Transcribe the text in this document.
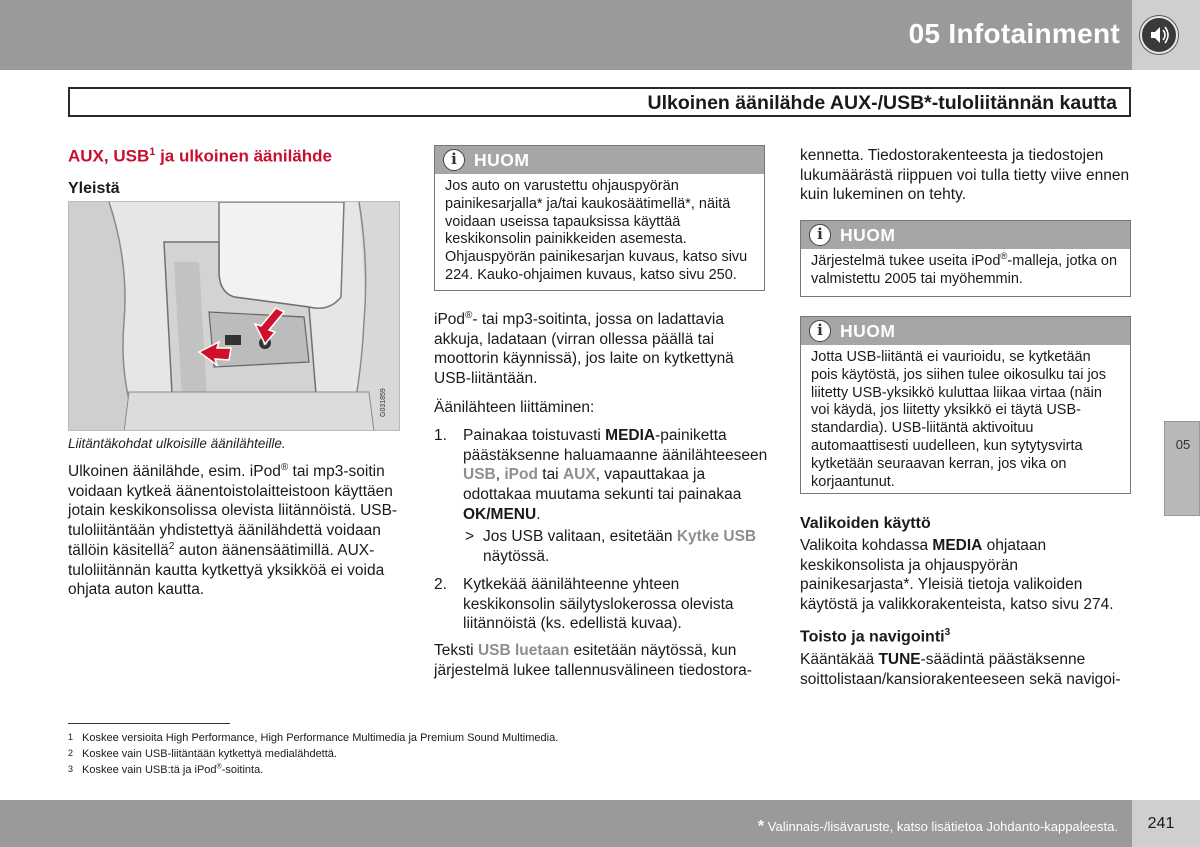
05 Infotainment
Ulkoinen äänilähde AUX-/USB*-tuloliitännän kautta
AUX, USB$^1$ ja ulkoinen äänilähde
Yleistä
G031859
Liitäntäkohdat ulkoisille äänilähteille.
Ulkoinen äänilähde, esim. iPod® tai mp3-soitin voidaan kytkeä äänentoistolaitteistoon käyttäen jotain keskikonsolissa olevista liitännöistä. USB-tuloliitäntään yhdistettyä äänilähdettä voidaan tällöin käsitellä$^2$ auton äänensäätimillä. AUX-tuloliitännän kautta kytkettyä yksikköä ei voida ohjata auton kautta.
i HUOM
Jos auto on varustettu ohjauspyörän painikesarjalla* ja/tai kaukosäätimellä*, näitä voidaan useissa tapauksissa käyttää keskikonsolin painikkeiden asemesta. Ohjauspyörän painikesarjan kuvaus, katso sivu 224. Kauko-ohjaimen kuvaus, katso sivu 250.
iPod®- tai mp3-soitinta, jossa on ladattavia akkuja, ladataan (virran ollessa päällä tai moottorin käynnissä), jos laite on kytkettynä USB-liitäntään.
Äänilähteen liittäminen:
1. Painakaa toistuvasti MEDIA-painiketta päästäksenne haluamaanne äänilähteeseen USB, iPod tai AUX, vapauttakaa ja odottakaa muutama sekunti tai painakaa OK/MENU.
> Jos USB valitaan, esitetään Kytke USB näytössä.
2. Kytkekää äänilähteenne yhteen keskikonsolin säilytyslokerossa olevista liitännöistä (ks. edellistä kuvaa).
Teksti USB luetaan esitetään näytössä, kun järjestelmä lukee tallennusvälineen tiedostora-
kennetta. Tiedostorakenteesta ja tiedostojen lukumäärästä riippuen voi tulla tietty viive ennen kuin lukeminen on tehty.
i HUOM
Järjestelmä tukee useita iPod®-malleja, jotka on valmistettu 2005 tai myöhemmin.
i HUOM
Jotta USB-liitäntä ei vaurioidu, se kytketään pois käytöstä, jos siihen tulee oikosulku tai jos liitetty USB-yksikkö kuluttaa liikaa virtaa (näin voi käydä, jos liitetty yksikkö ei täytä USB-standardia). USB-liitäntä aktivoituu automaattisesti uudelleen, kun sytytysvirta kytketään seuraavan kerran, jos vika on korjaantunut.
Valikoiden käyttö
Valikoita kohdassa MEDIA ohjataan keskikonsolista ja ohjauspyörän painikesarjasta*. Yleisiä tietoja valikoiden käytöstä ja valikkorakenteista, katso sivu 274.
Toisto ja navigointi$^3$
Kääntäkää TUNE-säädintä päästäksenne soittolistaan/kansiorakenteeseen sekä navigoi-
05
1 Koskee versioita High Performance, High Performance Multimedia ja Premium Sound Multimedia.
2 Koskee vain USB-liitäntään kytkettyä medialähdettä.
3 Koskee vain USB:tä ja iPod®-soitintа.
* Valinnais-/lisävaruste, katso lisätietoa Johdanto-kappaleesta.	241
